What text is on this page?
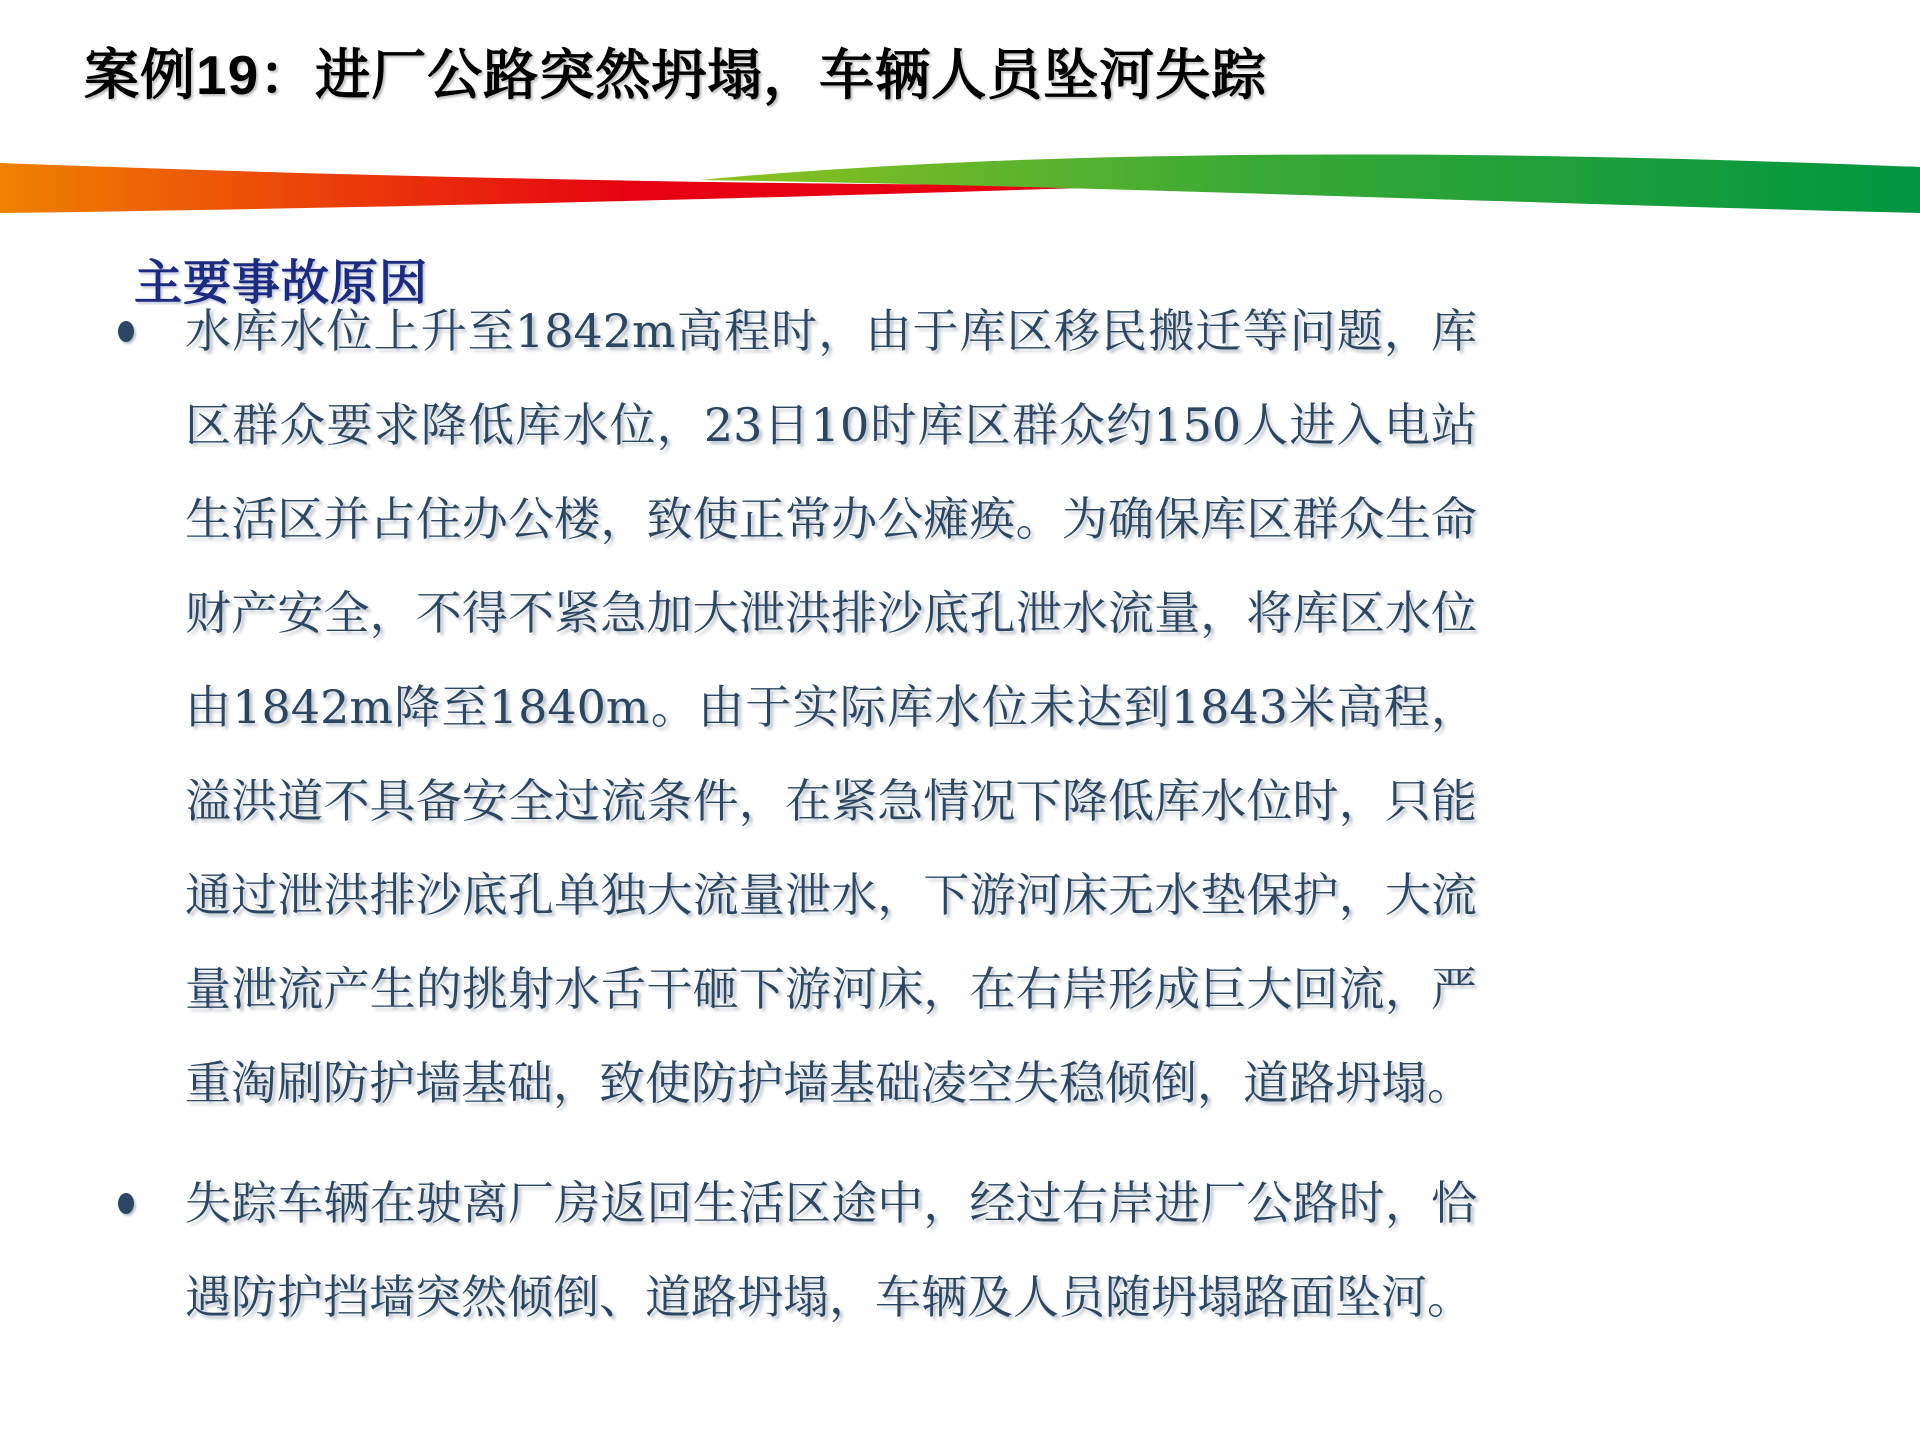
案例19：进厂公路突然坍塌，车辆人员坠河失踪
主要事故原因
水库水位上升至1842m高程时，由于库区移民搬迁等问题，库区群众要求降低库水位，23日10时库区群众约150人进入电站生活区并占住办公楼，致使正常办公瘫痪。为确保库区群众生命财产安全，不得不紧急加大泄洪排沙底孔泄水流量，将库区水位由1842m降至1840m。由于实际库水位未达到1843米高程，溢洪道不具备安全过流条件，在紧急情况下降低库水位时，只能通过泄洪排沙底孔单独大流量泄水，下游河床无水垫保护，大流量泄流产生的挑射水舌干砸下游河床，在右岸形成巨大回流，严重淘刷防护墙基础，致使防护墙基础凌空失稳倾倒，道路坍塌。
失踪车辆在驶离厂房返回生活区途中，经过右岸进厂公路时，恰遇防护挡墙突然倾倒、道路坍塌，车辆及人员随坍塌路面坠河。
